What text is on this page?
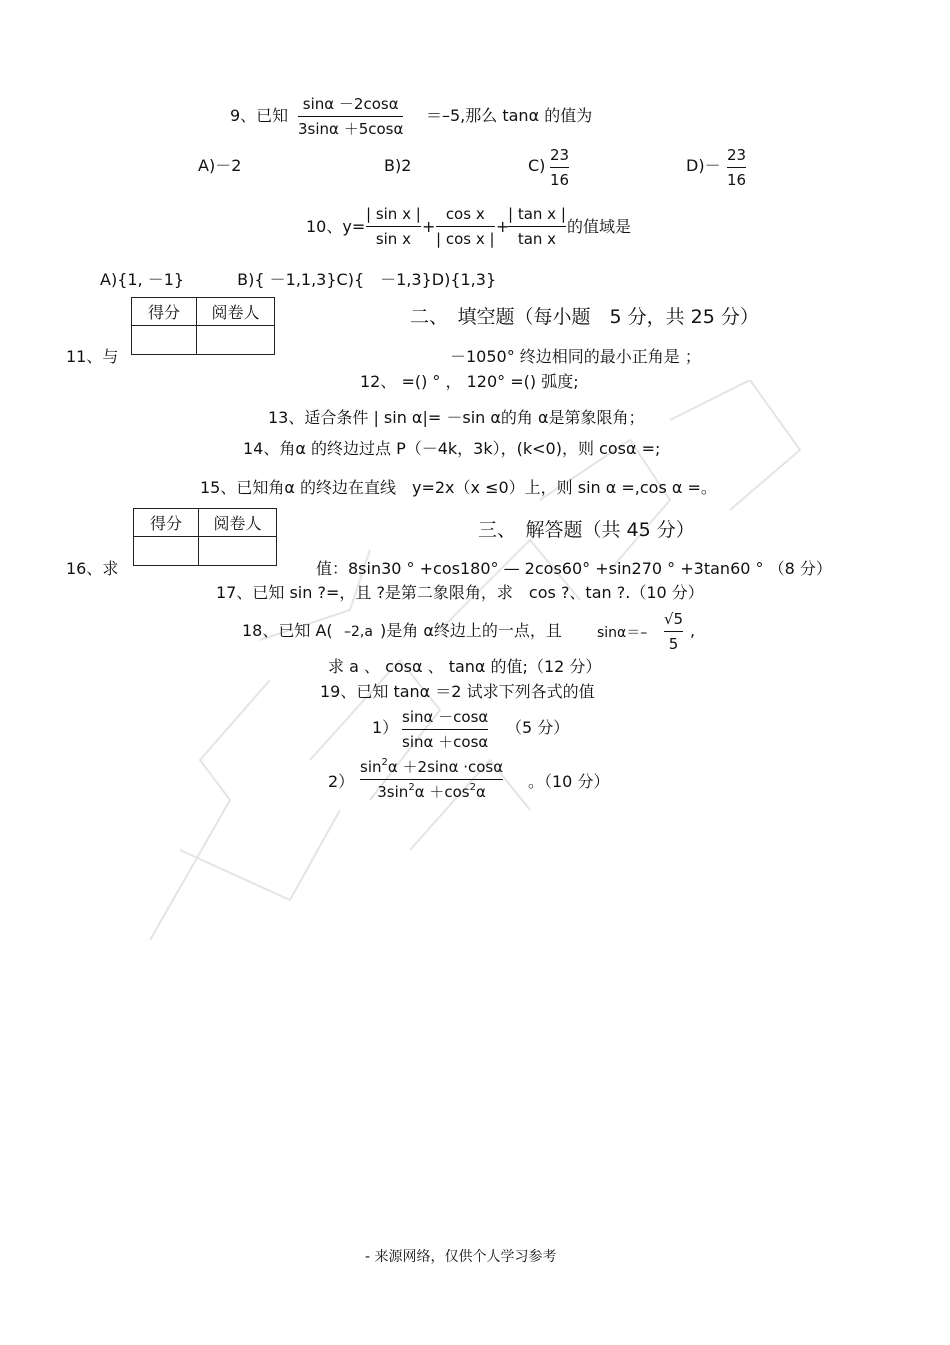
9、已知
sinα －2cosα
3sinα ＋5cosα
＝–5,那么 tanα 的值为
A)－2	B)2	C)
23
16
D)－
23
16
10、y=
| sin x |
sin x
+
cos x
| cos x |
+
| tan x |
tan x
的值域是
A){1, －1}　　　 B){ －1,1,3}C){　－1,3}D){1,3}
得分	阅卷人
		二、　填空题（每小题　5 分，共 25 分）
11、与	－1050° 终边相同的最小正角是 ；
12、 =() ° ， 120° =() 弧度;
13、适合条件 | sin α|= －sin α的角 α是第象限角；
14、角α 的终边过点 P（－4k，3k），(k<0)，则 cosα =;
15、已知角α 的终边在直线　y=2x（x ≤0）上，则 sin α =,cos α =。
得分	阅卷人
		三、　解答题（共 45 分）
16、求	值：8sin30 ° +cos180° — 2cos60° +sin270 ° +3tan60 ° （8 分）
17、已知 sin ?=，且 ?是第二象限角，求　cos ?、tan ?.（10 分）
18、已知 A( –2,a )是角 α终边上的一点，且	sinα＝–
√5
5
,
求 a 、 cosα 、 tanα 的值;（12 分）
19、已知 tanα ＝2 试求下列各式的值
1）
sinα －cosα
sinα ＋cosα
（5 分）
2）
$\sin^2\alpha +2\sin\alpha \cdot\cos\alpha$
$3\sin^2\alpha +\cos^2\alpha$
。（10 分）
- 来源网络，仅供个人学习参考
